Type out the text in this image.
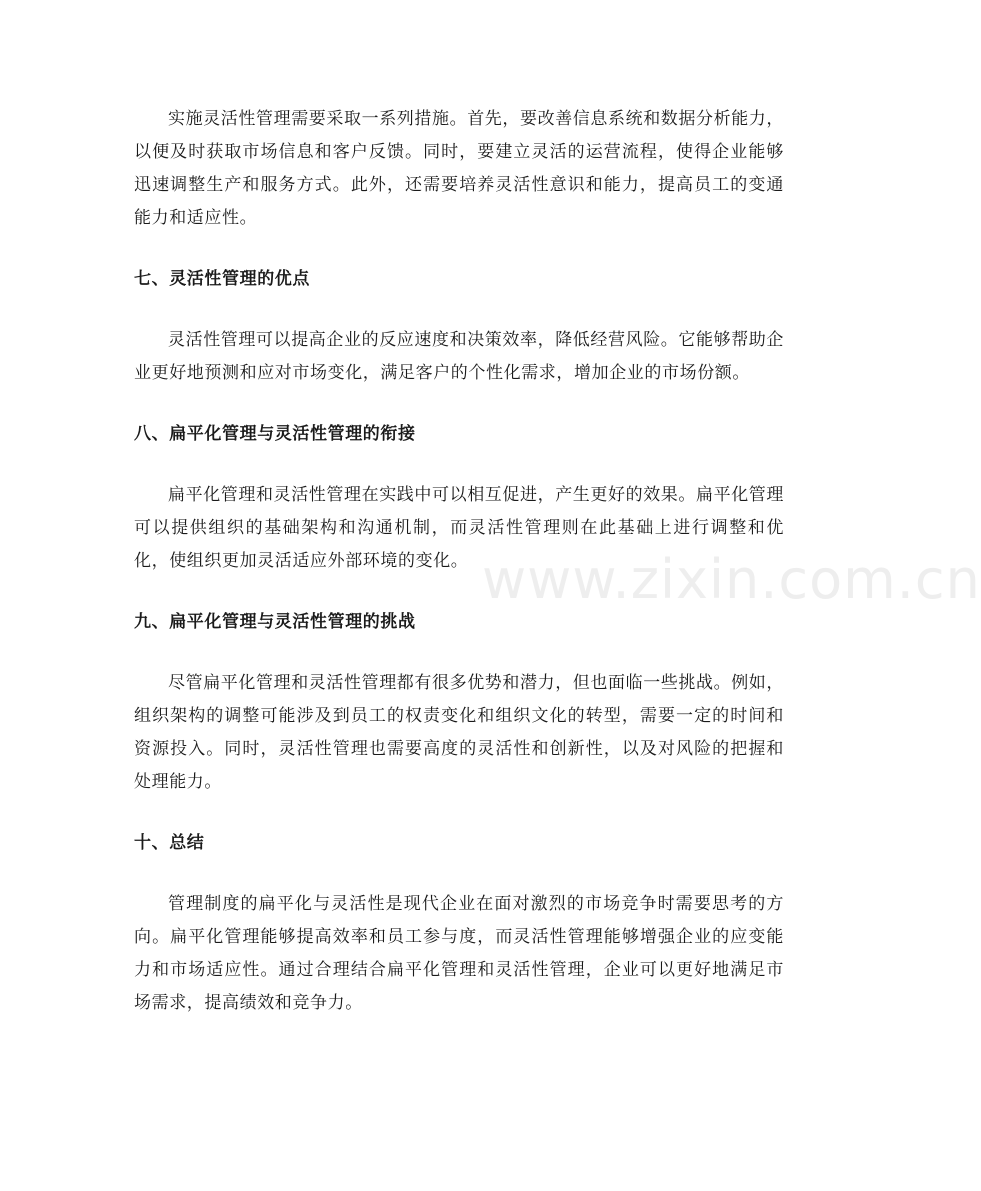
www.zixin.com.cn

实施灵活性管理需要采取一系列措施。首先，要改善信息系统和数据分析能力，以便及时获取市场信息和客户反馈。同时，要建立灵活的运营流程，使得企业能够迅速调整生产和服务方式。此外，还需要培养灵活性意识和能力，提高员工的变通能力和适应性。

七、灵活性管理的优点

灵活性管理可以提高企业的反应速度和决策效率，降低经营风险。它能够帮助企业更好地预测和应对市场变化，满足客户的个性化需求，增加企业的市场份额。

八、扁平化管理与灵活性管理的衔接

扁平化管理和灵活性管理在实践中可以相互促进，产生更好的效果。扁平化管理可以提供组织的基础架构和沟通机制，而灵活性管理则在此基础上进行调整和优化，使组织更加灵活适应外部环境的变化。

九、扁平化管理与灵活性管理的挑战

尽管扁平化管理和灵活性管理都有很多优势和潜力，但也面临一些挑战。例如，组织架构的调整可能涉及到员工的权责变化和组织文化的转型，需要一定的时间和资源投入。同时，灵活性管理也需要高度的灵活性和创新性，以及对风险的把握和处理能力。

十、总结

管理制度的扁平化与灵活性是现代企业在面对激烈的市场竞争时需要思考的方向。扁平化管理能够提高效率和员工参与度，而灵活性管理能够增强企业的应变能力和市场适应性。通过合理结合扁平化管理和灵活性管理，企业可以更好地满足市场需求，提高绩效和竞争力。
